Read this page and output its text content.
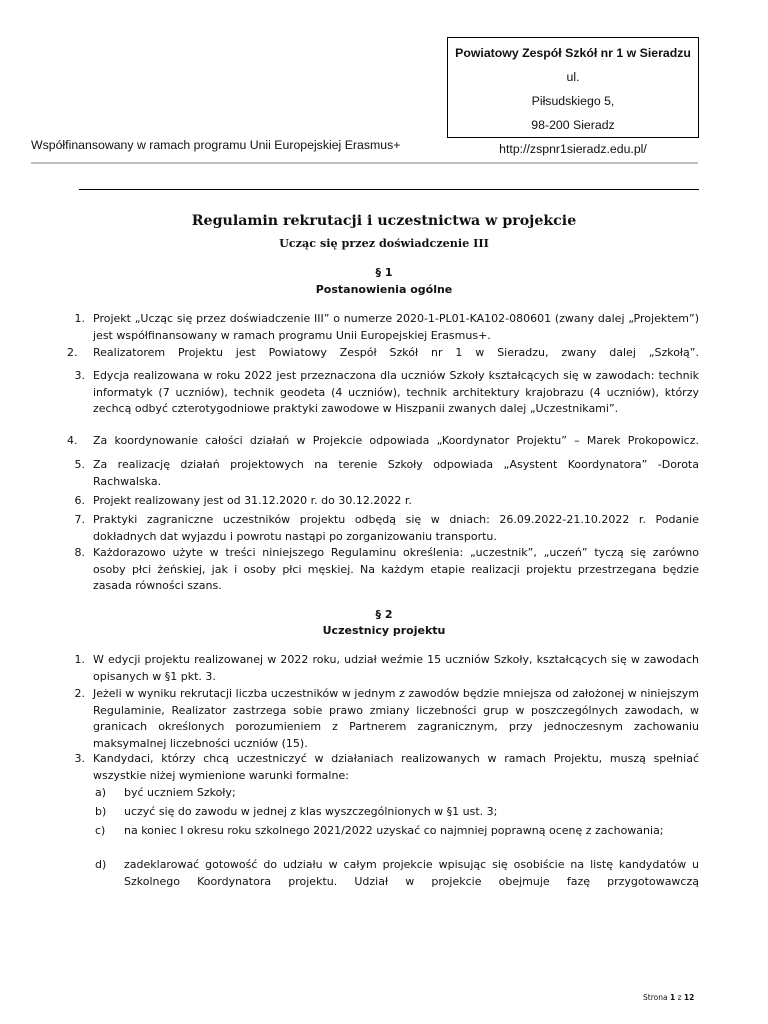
Powiatowy Zespół Szkół nr 1 w Sieradzu ul.
Piłsudskiego 5,
98-200 Sieradz
http://zspnr1sieradz.edu.pl/
Współfinansowany w ramach programu Unii Europejskiej Erasmus+
Regulamin rekrutacji i uczestnictwa w projekcie
Ucząc się przez doświadczenie III
§ 1
Postanowienia ogólne
1. Projekt „Ucząc się przez doświadczenie III” o numerze 2020-1-PL01-KA102-080601 (zwany dalej „Projektem”) jest współfinansowany w ramach programu Unii Europejskiej Erasmus+.
2.	Realizatorem Projektu jest Powiatowy Zespół Szkół nr 1 w Sieradzu, zwany dalej „Szkołą”.
3. Edycja realizowana w roku 2022 jest przeznaczona dla uczniów Szkoły kształcących się w zawodach: technik informatyk (7 uczniów), technik geodeta (4 uczniów), technik architektury krajobrazu (4 uczniów), którzy zechcą odbyć czterotygodniowe praktyki zawodowe w Hiszpanii zwanych dalej „Uczestnikami”.
4.	Za koordynowanie całości działań w Projekcie odpowiada „Koordynator Projektu” – Marek Prokopowicz.
5. Za realizację działań projektowych na terenie Szkoły odpowiada „Asystent Koordynatora” -Dorota Rachwalska.
6. Projekt realizowany jest od 31.12.2020 r. do 30.12.2022 r.
7. Praktyki zagraniczne uczestników projektu odbędą się w dniach: 26.09.2022-21.10.2022 r. Podanie dokładnych dat wyjazdu i powrotu nastąpi po zorganizowaniu transportu.
8. Każdorazowo użyte w treści niniejszego Regulaminu określenia: „uczestnik”, „uczeń” tyczą się zarówno osoby płci żeńskiej, jak i osoby płci męskiej. Na każdym etapie realizacji projektu przestrzegana będzie zasada równości szans.
§ 2
Uczestnicy projektu
1. W edycji projektu realizowanej w 2022 roku, udział weźmie 15 uczniów Szkoły, kształcących się w zawodach opisanych w §1 pkt. 3.
2. Jeżeli w wyniku rekrutacji liczba uczestników w jednym z zawodów będzie mniejsza od założonej w niniejszym Regulaminie, Realizator zastrzega sobie prawo zmiany liczebności grup w poszczególnych zawodach, w granicach określonych porozumieniem z Partnerem zagranicznym, przy jednoczesnym zachowaniu maksymalnej liczebności uczniów (15).
3. Kandydaci, którzy chcą uczestniczyć w działaniach realizowanych w ramach Projektu, muszą spełniać wszystkie niżej wymienione warunki formalne:
a) być uczniem Szkoły;
b) uczyć się do zawodu w jednej z klas wyszczególnionych w §1 ust. 3;
c) na koniec I okresu roku szkolnego 2021/2022 uzyskać co najmniej poprawną ocenę z zachowania;
d) zadeklarować gotowość do udziału w całym projekcie wpisując się osobiście na listę kandydatów u Szkolnego Koordynatora projektu. Udział w projekcie obejmuje fazę przygotowawczą
Strona 1 z 12
